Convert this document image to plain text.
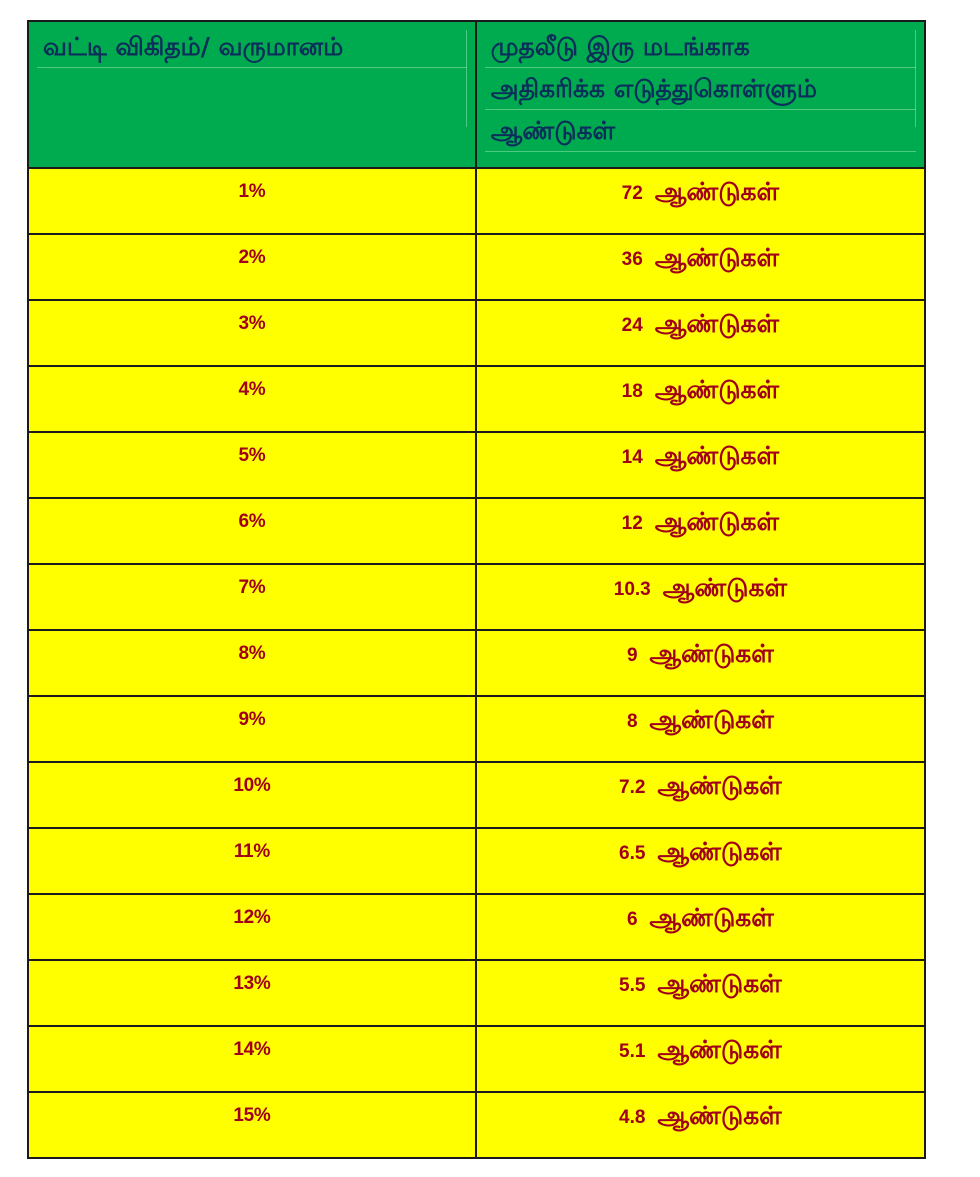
வட்டி விகிதம்/ வருமானம்	முதலீடு இரு மடங்காக
அதிகரிக்க எடுத்துகொள்ளும்
ஆண்டுகள்

1%	72 ஆண்டுகள்
2%	36 ஆண்டுகள்
3%	24 ஆண்டுகள்
4%	18 ஆண்டுகள்
5%	14 ஆண்டுகள்
6%	12 ஆண்டுகள்
7%	10.3 ஆண்டுகள்
8%	9 ஆண்டுகள்
9%	8 ஆண்டுகள்
10%	7.2 ஆண்டுகள்
11%	6.5 ஆண்டுகள்
12%	6 ஆண்டுகள்
13%	5.5 ஆண்டுகள்
14%	5.1 ஆண்டுகள்
15%	4.8 ஆண்டுகள்
